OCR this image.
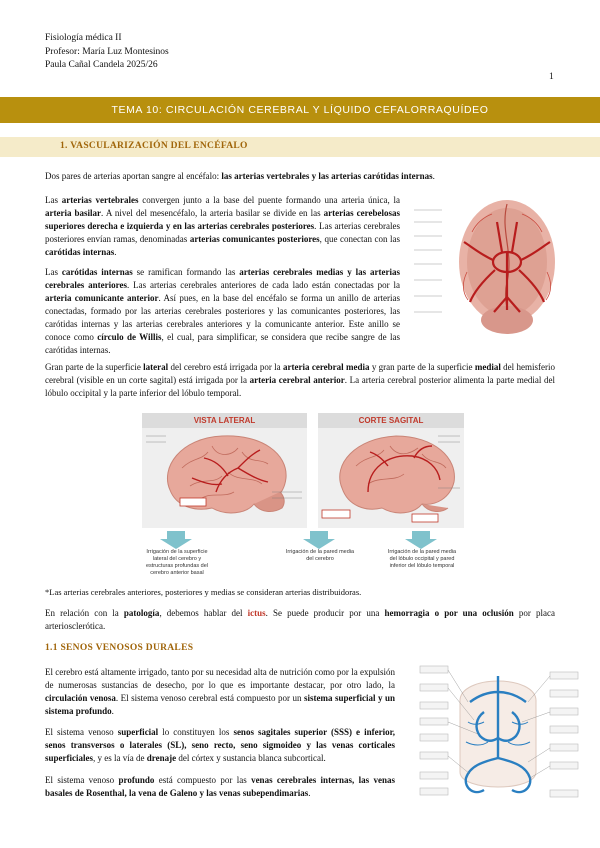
Fisiología médica II
Profesor: María Luz Montesinos
Paula Cañal Candela 2025/26
1
TEMA 10: CIRCULACIÓN CEREBRAL Y LÍQUIDO CEFALORRAQUÍDEO
1. VASCULARIZACIÓN DEL ENCÉFALO
Dos pares de arterias aportan sangre al encéfalo: las arterias vertebrales y las arterias carótidas internas.
Las arterias vertebrales convergen junto a la base del puente formando una arteria única, la arteria basilar. A nivel del mesencéfalo, la arteria basilar se divide en las arterias cerebelosas superiores derecha e izquierda y en las arterias cerebrales posteriores. Las arterias cerebrales posteriores envían ramas, denominadas arterias comunicantes posteriores, que conectan con las carótidas internas.
Las carótidas internas se ramifican formando las arterias cerebrales medias y las arterias cerebrales anteriores. Las arterias cerebrales anteriores de cada lado están conectadas por la arteria comunicante anterior. Así pues, en la base del encéfalo se forma un anillo de arterias conectadas, formado por las arterias cerebrales posteriores y las comunicantes posteriores, las carótidas internas y las arterias cerebrales anteriores y la comunicante anterior. Este anillo se conoce como círculo de Willis, el cual, para simplificar, se considera que recibe sangre de las carótidas internas.
Gran parte de la superficie lateral del cerebro está irrigada por la arteria cerebral media y gran parte de la superficie medial del hemisferio cerebral (visible en un corte sagital) está irrigada por la arteria cerebral anterior. La arteria cerebral posterior alimenta la parte medial del lóbulo occipital y la parte inferior del lóbulo temporal.
VISTA LATERAL	CORTE SAGITAL
Irrigación de la superficie lateral del cerebro y estructuras profundas del cerebro anterior basal
Irrigación de la pared media del cerebro
Irrigación de la pared media del lóbulo occipital y pared inferior del lóbulo temporal
*Las arterias cerebrales anteriores, posteriores y medias se consideran arterias distribuidoras.
En relación con la patología, debemos hablar del ictus. Se puede producir por una hemorragia o por una oclusión por placa arteriosclerótica.
1.1 SENOS VENOSOS DURALES
El cerebro está altamente irrigado, tanto por su necesidad alta de nutrición como por la expulsión de numerosas sustancias de desecho, por lo que es importante destacar, por otro lado, la circulación venosa. El sistema venoso cerebral está compuesto por un sistema superficial y un sistema profundo.
El sistema venoso superficial lo constituyen los senos sagitales superior (SSS) e inferior, senos transversos o laterales (SL), seno recto, seno sigmoideo y las venas corticales superficiales, y es la vía de drenaje del córtex y sustancia blanca subcortical.
El sistema venoso profundo está compuesto por las venas cerebrales internas, las venas basales de Rosenthal, la vena de Galeno y las venas subependimarias.
